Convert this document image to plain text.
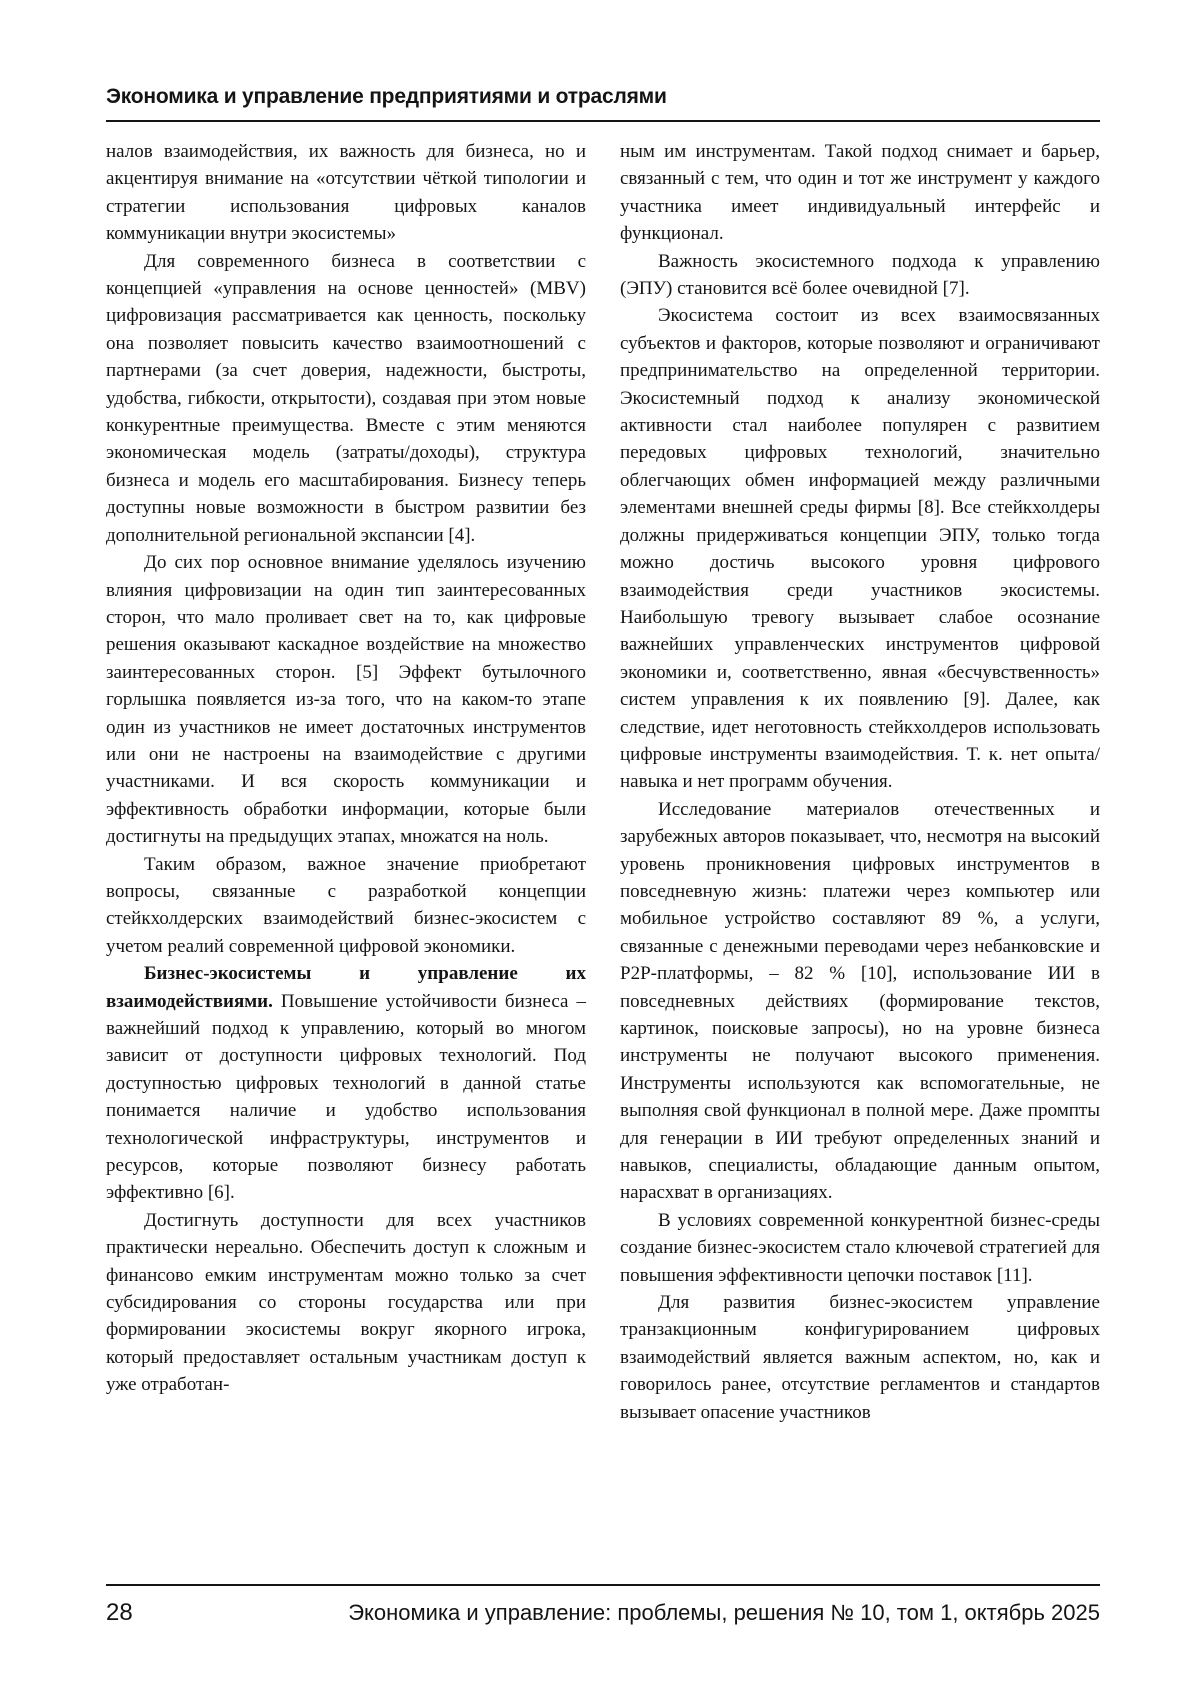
Экономика и управление предприятиями и отраслями

налов взаимодействия, их важность для бизнеса, но и акцентируя внимание на «отсутствии чёткой типологии и стратегии использования цифровых каналов коммуникации внутри экосистемы»

Для современного бизнеса в соответствии с концепцией «управления на основе ценностей» (MBV) цифровизация рассматривается как ценность, поскольку она позволяет повысить качество взаимоотношений с партнерами (за счет доверия, надежности, быстроты, удобства, гибкости, открытости), создавая при этом новые конкурентные преимущества. Вместе с этим меняются экономическая модель (затраты/доходы), структура бизнеса и модель его масштабирования. Бизнесу теперь доступны новые возможности в быстром развитии без дополнительной региональной экспансии [4].

До сих пор основное внимание уделялось изучению влияния цифровизации на один тип заинтересованных сторон, что мало проливает свет на то, как цифровые решения оказывают каскадное воздействие на множество заинтересованных сторон. [5] Эффект бутылочного горлышка появляется из-за того, что на каком-то этапе один из участников не имеет достаточных инструментов или они не настроены на взаимодействие с другими участниками. И вся скорость коммуникации и эффективность обработки информации, которые были достигнуты на предыдущих этапах, множатся на ноль.

Таким образом, важное значение приобретают вопросы, связанные с разработкой концепции стейкхолдерских взаимодействий бизнес-экосистем с учетом реалий современной цифровой экономики.

Бизнес-экосистемы и управление их взаимодействиями. Повышение устойчивости бизнеса – важнейший подход к управлению, который во многом зависит от доступности цифровых технологий. Под доступностью цифровых технологий в данной статье понимается наличие и удобство использования технологической инфраструктуры, инструментов и ресурсов, которые позволяют бизнесу работать эффективно [6].

Достигнуть доступности для всех участников практически нереально. Обеспечить доступ к сложным и финансово емким инструментам можно только за счет субсидирования со стороны государства или при формировании экосистемы вокруг якорного игрока, который предоставляет остальным участникам доступ к уже отработан-

ным им инструментам. Такой подход снимает и барьер, связанный с тем, что один и тот же инструмент у каждого участника имеет индивидуальный интерфейс и функционал.

Важность экосистемного подхода к управлению (ЭПУ) становится всё более очевидной [7].

Экосистема состоит из всех взаимосвязанных субъектов и факторов, которые позволяют и ограничивают предпринимательство на определенной территории. Экосистемный подход к анализу экономической активности стал наиболее популярен с развитием передовых цифровых технологий, значительно облегчающих обмен информацией между различными элементами внешней среды фирмы [8]. Все стейкхолдеры должны придерживаться концепции ЭПУ, только тогда можно достичь высокого уровня цифрового взаимодействия среди участников экосистемы. Наибольшую тревогу вызывает слабое осознание важнейших управленческих инструментов цифровой экономики и, соответственно, явная «бесчувственность» систем управления к их появлению [9]. Далее, как следствие, идет неготовность стейкхолдеров использовать цифровые инструменты взаимодействия. Т. к. нет опыта/навыка и нет программ обучения.

Исследование материалов отечественных и зарубежных авторов показывает, что, несмотря на высокий уровень проникновения цифровых инструментов в повседневную жизнь: платежи через компьютер или мобильное устройство составляют 89 %, а услуги, связанные с денежными переводами через небанковские и P2P-платформы, – 82 % [10], использование ИИ в повседневных действиях (формирование текстов, картинок, поисковые запросы), но на уровне бизнеса инструменты не получают высокого применения. Инструменты используются как вспомогательные, не выполняя свой функционал в полной мере. Даже промпты для генерации в ИИ требуют определенных знаний и навыков, специалисты, обладающие данным опытом, нарасхват в организациях.

В условиях современной конкурентной бизнес-среды создание бизнес-экосистем стало ключевой стратегией для повышения эффективности цепочки поставок [11].

Для развития бизнес-экосистем управление транзакционным конфигурированием цифровых взаимодействий является важным аспектом, но, как и говорилось ранее, отсутствие регламентов и стандартов вызывает опасение участников

28	Экономика и управление: проблемы, решения № 10, том 1, октябрь 2025
